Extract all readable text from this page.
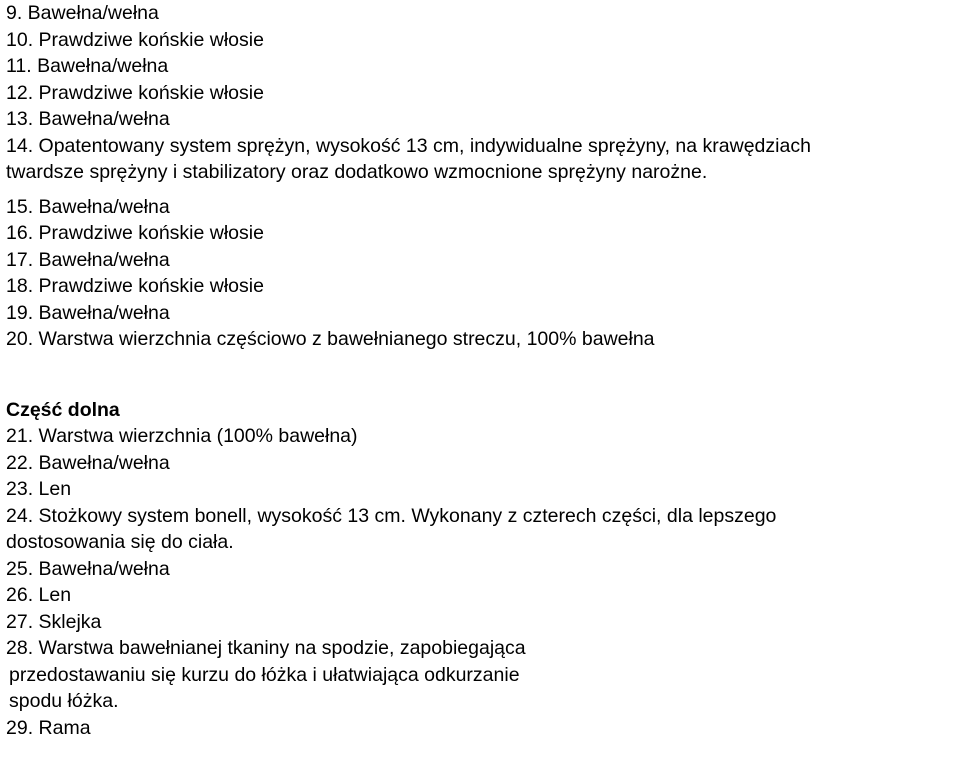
9. Bawełna/wełna
10. Prawdziwe końskie włosie
11. Bawełna/wełna
12. Prawdziwe końskie włosie
13. Bawełna/wełna
14. Opatentowany system sprężyn, wysokość 13 cm, indywidualne sprężyny, na krawędziach
twardsze sprężyny i stabilizatory oraz dodatkowo wzmocnione sprężyny narożne.
15. Bawełna/wełna
16. Prawdziwe końskie włosie
17. Bawełna/wełna
18. Prawdziwe końskie włosie
19. Bawełna/wełna
20. Warstwa wierzchnia częściowo z bawełnianego streczu, 100% bawełna
Część dolna
21. Warstwa wierzchnia (100% bawełna)
22. Bawełna/wełna
23. Len
24. Stożkowy system bonell, wysokość 13 cm. Wykonany z czterech części, dla lepszego
dostosowania się do ciała.
25. Bawełna/wełna
26. Len
27. Sklejka
28. Warstwa bawełnianej tkaniny na spodzie, zapobiegająca
przedostawaniu się kurzu do łóżka i ułatwiająca odkurzanie
spodu łóżka.
29. Rama
